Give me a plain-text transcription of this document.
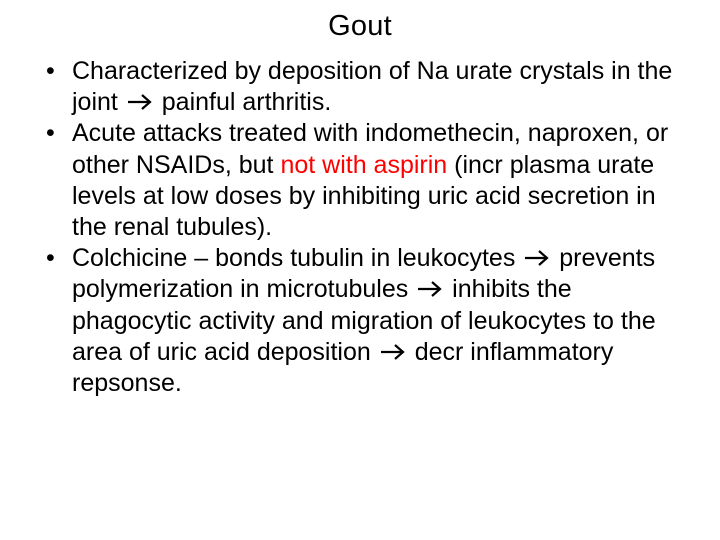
Gout
• Characterized by deposition of Na urate crystals in the joint  painful arthritis.
• Acute attacks treated with indomethecin, naproxen, or other NSAIDs, but not with aspirin (incr plasma urate levels at low doses by inhibiting uric acid secretion in the renal tubules).
• Colchicine – bonds tubulin in leukocytes  prevents polymerization in microtubules  inhibits the phagocytic activity and migration of leukocytes to the area of uric acid deposition  decr inflammatory repsonse.
